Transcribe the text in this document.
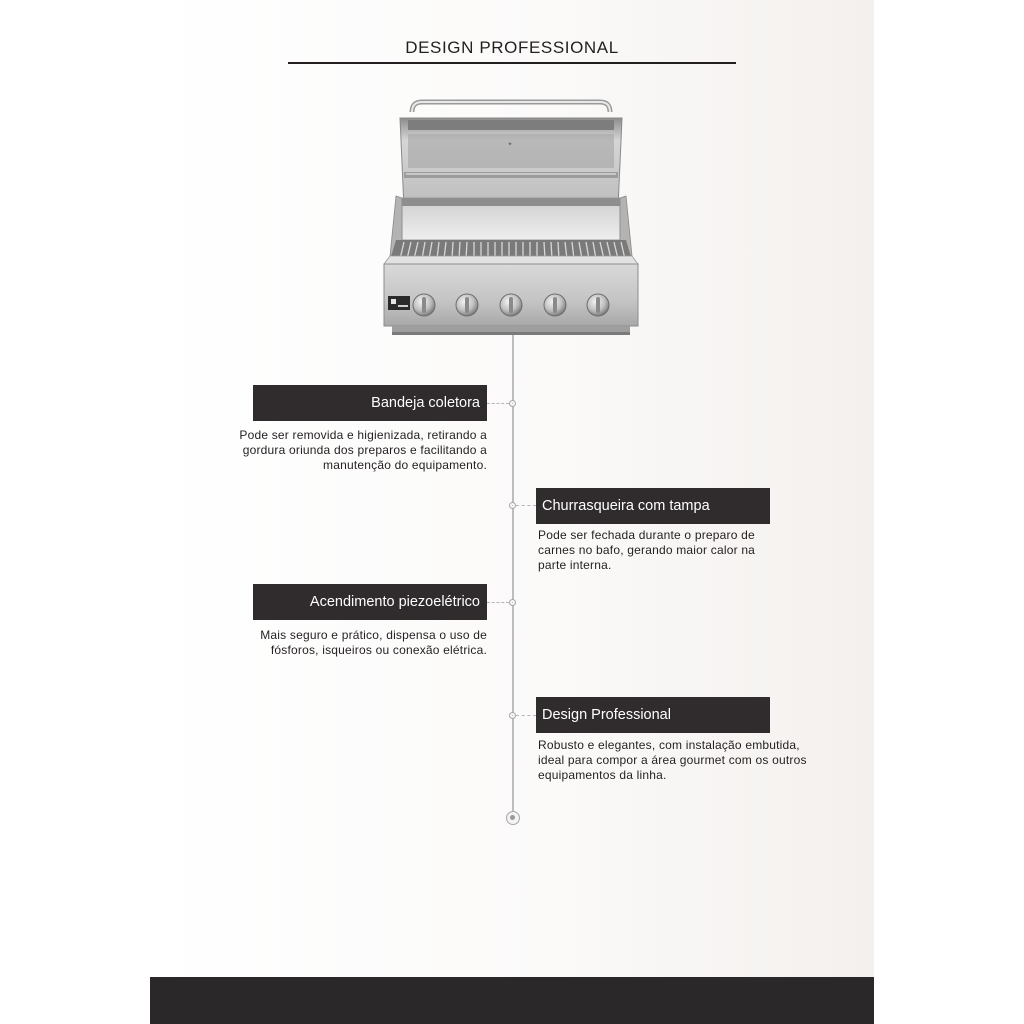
DESIGN PROFESSIONAL
✦
Bandeja coletora
Pode ser removida e higienizada, retirando a gordura oriunda dos preparos e facilitando a manutenção do equipamento.
Churrasqueira com tampa
Pode ser fechada durante o preparo de carnes no bafo, gerando maior calor na parte interna.
Acendimento piezoelétrico
Mais seguro e prático, dispensa o uso de fósforos, isqueiros ou conexão elétrica.
Design Professional
Robusto e elegantes, com instalação embutida, ideal para compor a área gourmet com os outros equipamentos da linha.
